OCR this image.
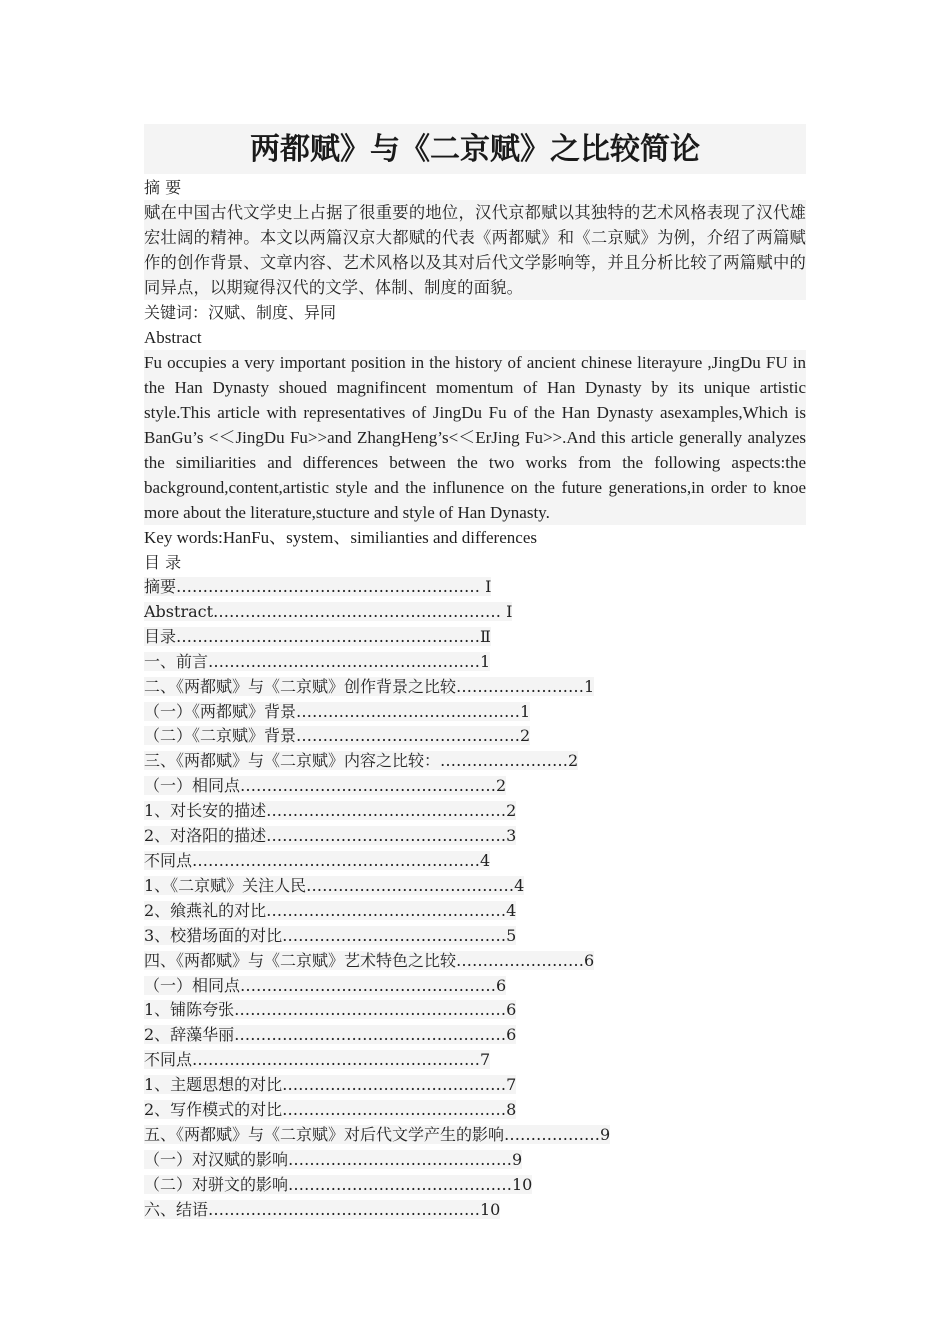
两都赋》与《二京赋》之比较简论
摘 要
赋在中国古代文学史上占据了很重要的地位，汉代京都赋以其独特的艺术风格表现了汉代雄宏壮阔的精神。本文以两篇汉京大都赋的代表《两都赋》和《二京赋》为例，介绍了两篇赋作的创作背景、文章内容、艺术风格以及其对后代文学影响等，并且分析比较了两篇赋中的同异点，以期窥得汉代的文学、体制、制度的面貌。
关键词：汉赋、制度、异同
Abstract
Fu occupies a very important position in the history of ancient chinese literayure ,JingDu FU in the Han Dynasty shoued magnifincent momentum of Han Dynasty by its unique artistic style.This article with representatives of JingDu Fu of the Han Dynasty asexamples,Which is BanGu’s <＜JingDu Fu>>and ZhangHeng’s<＜ErJing Fu>>.And this article generally analyzes the similiarities and differences between the two works from the following aspects:the background,content,artistic style and the influnence on the future generations,in order to knoe more about the literature,stucture and style of Han Dynasty.
Key words:HanFu、system、similianties and differences
目 录
摘要………………………………………………… Ⅰ
Abstract……………………………………………… Ⅰ
目录…………………………………………………Ⅱ
一、前言……………………………………………1
二、《两都赋》与《二京赋》创作背景之比较……………………1
（一）《两都赋》背景……………………………………1
（二）《二京赋》背景……………………………………2
三、《两都赋》与《二京赋》内容之比较：……………………2
（一）相同点…………………………………………2
1、对长安的描述………………………………………2
2、对洛阳的描述………………………………………3
不同点………………………………………………4
1、《二京赋》关注人民…………………………………4
2、飨燕礼的对比………………………………………4
3、校猎场面的对比……………………………………5
四、《两都赋》与《二京赋》艺术特色之比较……………………6
（一）相同点…………………………………………6
1、铺陈夸张……………………………………………6
2、辞藻华丽……………………………………………6
不同点………………………………………………7
1、主题思想的对比……………………………………7
2、写作模式的对比……………………………………8
五、《两都赋》与《二京赋》对后代文学产生的影响………………9
（一）对汉赋的影响……………………………………9
（二）对骈文的影响……………………………………10
六、结语……………………………………………10
